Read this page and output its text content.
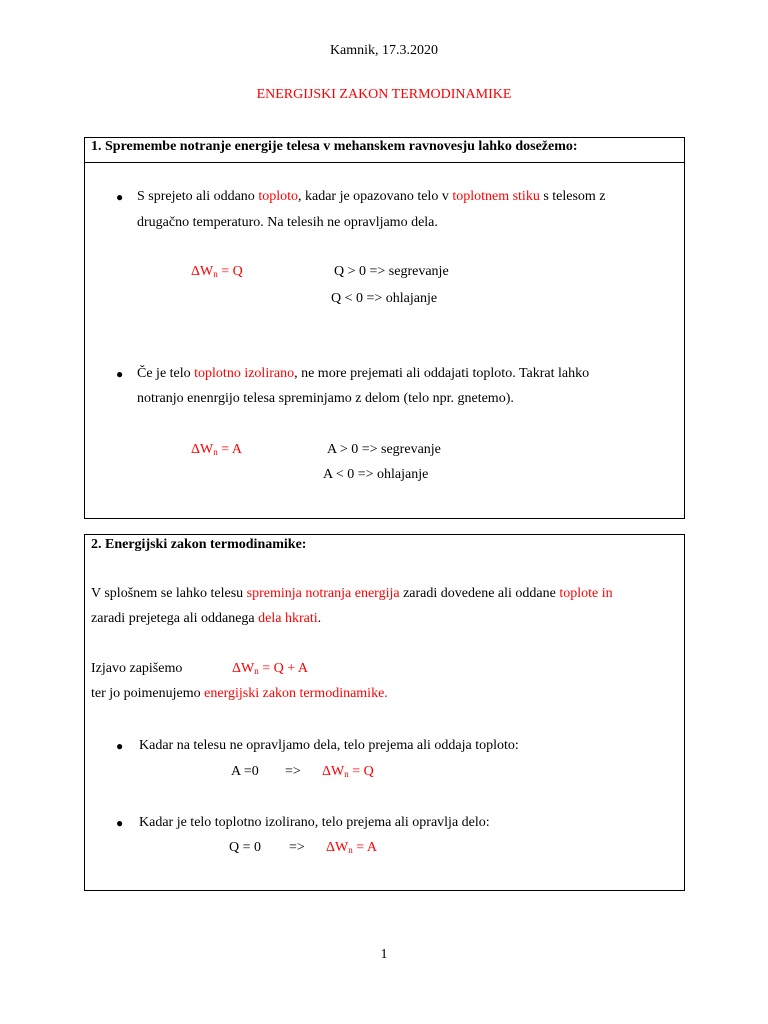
Kamnik, 17.3.2020
ENERGIJSKI ZAKON TERMODINAMIKE
1. Spremembe notranje energije telesa v mehanskem ravnovesju lahko dosežemo:
● S sprejeto ali oddano toploto, kadar je opazovano telo v toplotnem stiku s telesom z
drugačno temperaturo. Na telesih ne opravljamo dela.
$\Delta W_n = Q$	Q > 0 => segrevanje
Q < 0 => ohlajanje
● Če je telo toplotno izolirano, ne more prejemati ali oddajati toploto. Takrat lahko
notranjo enenrgijo telesa spreminjamo z delom (telo npr. gnetemo).
$\Delta W_n = A$	A > 0 => segrevanje
A < 0 => ohlajanje
2. Energijski zakon termodinamike:
V splošnem se lahko telesu spreminja notranja energija zaradi dovedene ali oddane toplote in
zaradi prejetega ali oddanega dela hkrati.
Izjavo zapišemo	$\Delta W_n = Q + A$
ter jo poimenujemo energijski zakon termodinamike.
● Kadar na telesu ne opravljamo dela, telo prejema ali oddaja toploto:
$A =0 => \Delta W_n = Q$
● Kadar je telo toplotno izolirano, telo prejema ali opravlja delo:
$Q = 0 => \Delta W_n = A$
1
